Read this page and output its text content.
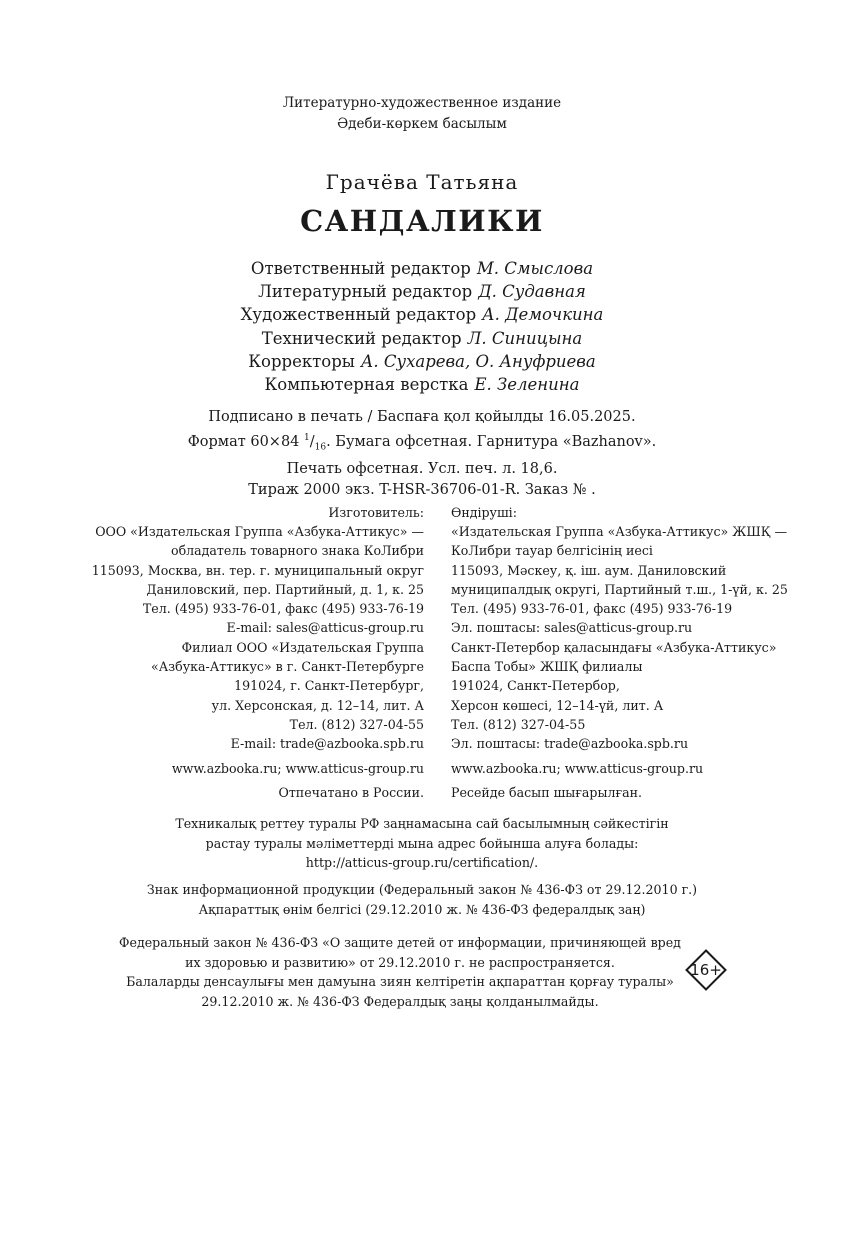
Литературно-художественное издание
Әдеби-көркем басылым
Грачёва Татьяна
САНДАЛИКИ
Ответственный редактор М. Смыслова
Литературный редактор Д. Судавная
Художественный редактор А. Демочкина
Технический редактор Л. Синицына
Корректоры А. Сухарева, О. Ануфриева
Компьютерная верстка Е. Зеленина
Подписано в печать / Баспаға қол қойылды 16.05.2025.
Формат 60×84 $^1/_{16}$. Бумага офсетная. Гарнитура «Bazhanov».
Печать офсетная. Усл. печ. л. 18,6.
Тираж 2000 экз. T-HSR-36706-01-R. Заказ № .
Изготовитель:
ООО «Издательская Группа «Азбука-Аттикус» —
обладатель товарного знака КоЛибри
115093, Москва, вн. тер. г. муниципальный округ
Даниловский, пер. Партийный, д. 1, к. 25
Тел. (495) 933-76-01, факс (495) 933-76-19
E-mail: sales@atticus-group.ru
Өндіруші:
«Издательская Группа «Азбука-Аттикус» ЖШҚ —
КоЛибри тауар белгісінің иесі
115093, Мәскеу, қ. іш. аум. Даниловский
муниципалдық округі, Партийный т.ш., 1-үй, к. 25
Тел. (495) 933-76-01, факс (495) 933-76-19
Эл. поштасы: sales@atticus-group.ru
Филиал ООО «Издательская Группа
«Азбука-Аттикус» в г. Санкт-Петербурге
191024, г. Санкт-Петербург,
ул. Херсонская, д. 12–14, лит. А
Тел. (812) 327-04-55
E-mail: trade@azbooka.spb.ru
Санкт-Петербор қаласындағы «Азбука-Аттикус»
Баспа Тобы» ЖШҚ филиалы
191024, Санкт-Петербор,
Херсон көшесі, 12–14-үй, лит. А
Тел. (812) 327-04-55
Эл. поштасы: trade@azbooka.spb.ru
www.azbooka.ru; www.atticus-group.ru www.azbooka.ru; www.atticus-group.ru
Отпечатано в России. Ресейде басып шығарылған.
Техникалық реттеу туралы РФ заңнамасына сай басылымның сәйкестігін
растау туралы мәліметтерді мына адрес бойынша алуға болады:
http://atticus-group.ru/certification/.
Знак информационной продукции (Федеральный закон № 436-ФЗ от 29.12.2010 г.)
Ақпараттық өнім белгісі (29.12.2010 ж. № 436-ФЗ федералдық заң)
Федеральный закон № 436-ФЗ «О защите детей от информации, причиняющей вред
их здоровью и развитию» от 29.12.2010 г. не распространяется.
Балаларды денсаулығы мен дамуына зиян келтіретін ақпараттан қорғау туралы»
29.12.2010 ж. № 436-ФЗ Федералдық заңы қолданылмайды.
16+
